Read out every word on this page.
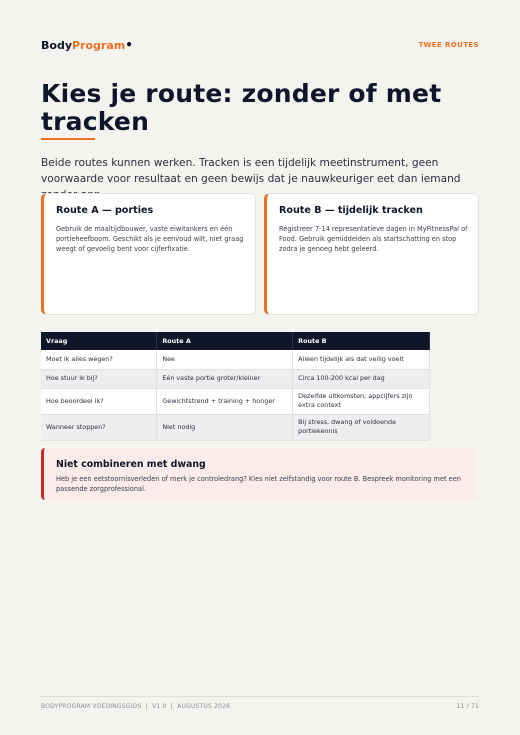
BodyProgram•	TWEE ROUTES
Kies je route: zonder of met tracken

Beide routes kunnen werken. Tracken is een tijdelijk meetinstrument, geen voorwaarde voor resultaat en geen bewijs dat je nauwkeuriger eet dan iemand

Route A — porties

Gebruik de maaltijdbouwer, vaste eiwitankers en één portieheefboom. Geschikt als je eenvoud wilt, niet graag weegt of gevoelig bent voor cijferfixatie.

Route B — tijdelijk tracken

Registreer 7-14 representatieve dagen in MyFitnessPal of Food. Gebruik gemiddelden als startschatting en stop zodra je genoeg hebt geleerd.

Vraag	Route A	Route B
Moet ik alles wegen?	Nee	Alleen tijdelijk als dat veilig voelt
Hoe stuur ik bij?	Eén vaste portie groter/kleiner	Circa 100-200 kcal per dag
Hoe beoordeel ik?	Gewichtstrend + training + honger	Dezelfde uitkomsten; appcijfers zijn extra context
Wanneer stoppen?	Niet nodig	Bij stress, dwang of voldoende portiekennis
Niet combineren met dwang

Heb je een eetstoornisverleden of merk je controledrang? Kies niet zelfstandig voor route B. Bespreek monitoring met een passende zorgprofessional.

BODYPROGRAM VOEDINGSGIDS  |  V1.0  |  AUGUSTUS 2026	11 / 71
